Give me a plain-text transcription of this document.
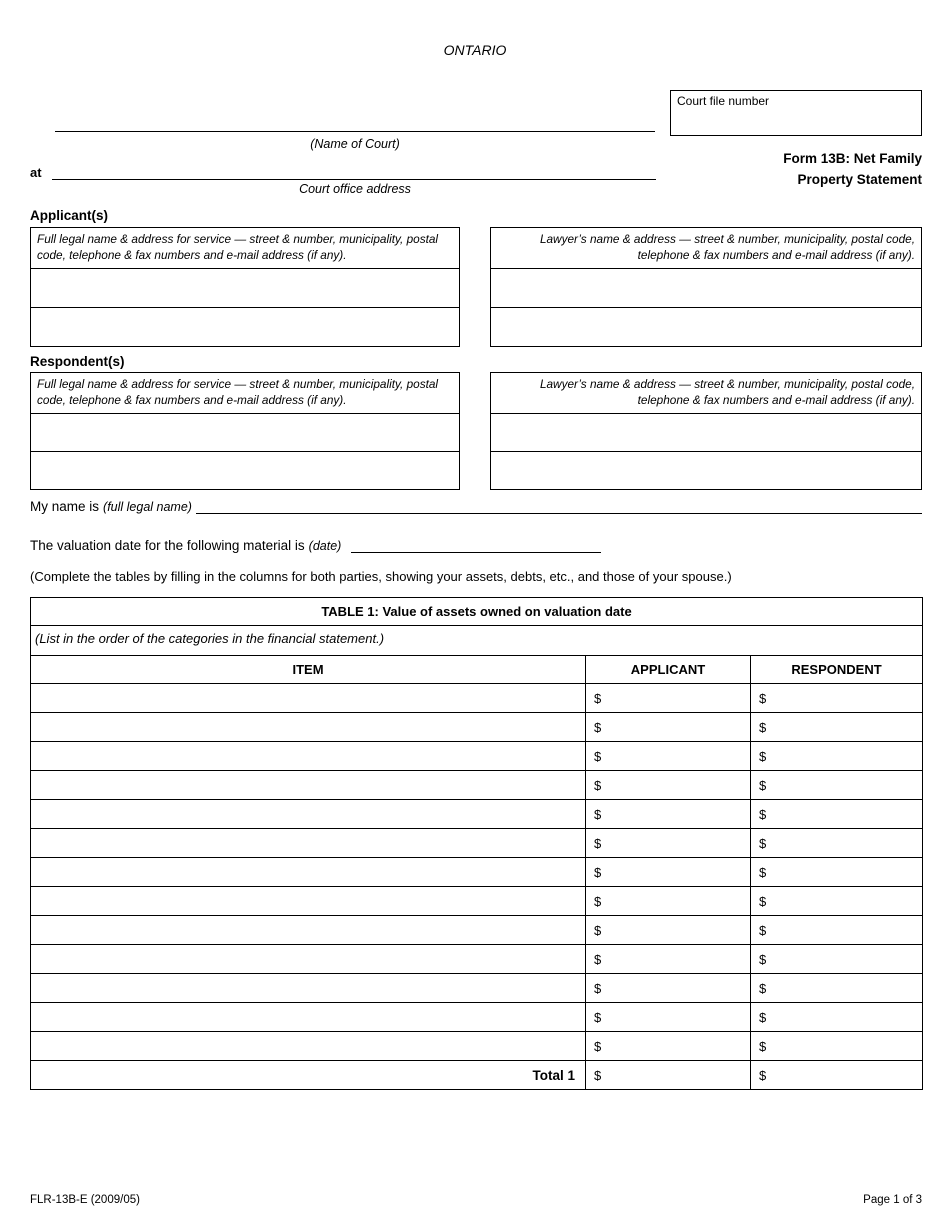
ONTARIO
Court file number
(Name of Court)
at
Court office address
Form 13B: Net Family
Property Statement
Applicant(s)
Full legal name & address for service — street & number, municipality, postal code, telephone & fax numbers and e-mail address (if any).
Lawyer’s name & address — street & number, municipality, postal code, telephone & fax numbers and e-mail address (if any).
Respondent(s)
Full legal name & address for service — street & number, municipality, postal code, telephone & fax numbers and e-mail address (if any).
Lawyer’s name & address — street & number, municipality, postal code, telephone & fax numbers and e-mail address (if any).
My name is (full legal name)
The valuation date for the following material is (date)
(Complete the tables by filling in the columns for both parties, showing your assets, debts, etc., and those of your spouse.)
TABLE 1: Value of assets owned on valuation date		
(List in the order of the categories in the financial statement.)		
ITEM	APPLICANT	RESPONDENT
	$	$
	$	$
	$	$
	$	$
	$	$
	$	$
	$	$
	$	$
	$	$
	$	$
	$	$
	$	$
	$	$
Total 1	$	$
FLR-13B-E (2009/05)	Page 1 of 3
